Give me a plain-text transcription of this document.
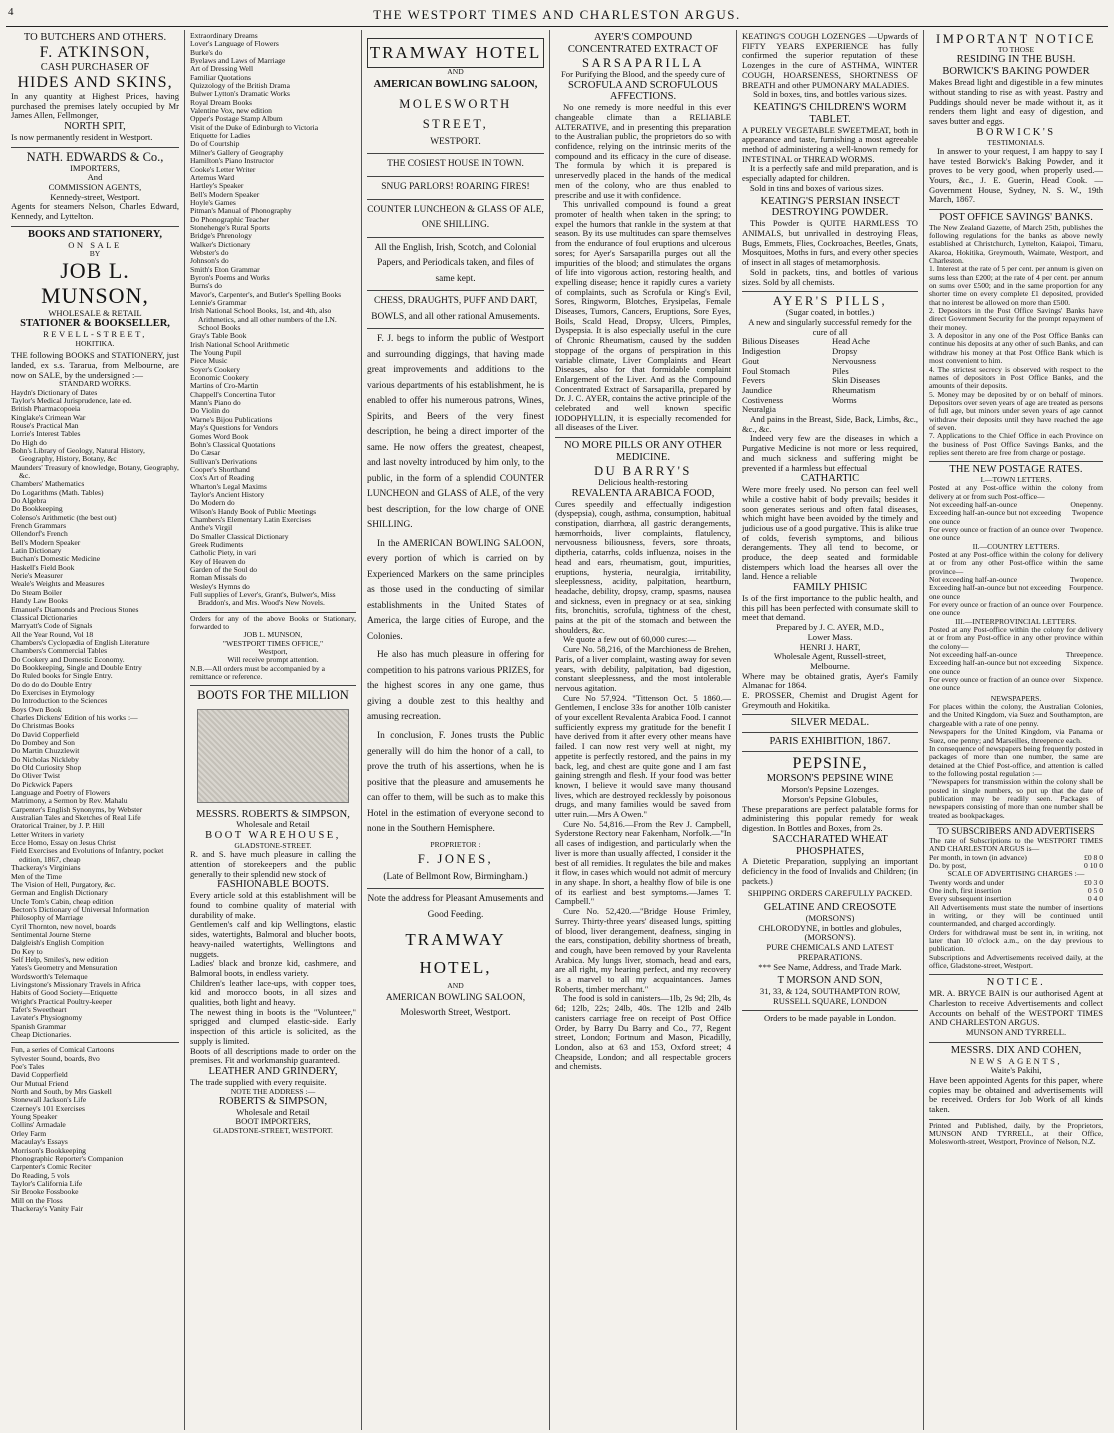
4	THE WESTPORT TIMES AND CHARLESTON ARGUS.
TO BUTCHERS AND OTHERS.
F. ATKINSON,
CASH PURCHASER OF
HIDES AND SKINS,

In any quantity at Highest Prices, having purchased the premises lately occupied by Mr James Allen, Fellmonger,

NORTH SPIT,

Is now permanently resident in Westport.

NATH. EDWARDS & Co.,
IMPORTERS,
And
COMMISSION AGENTS,
Kennedy-street, Westport.

Agents for steamers Nelson, Charles Edward, Kennedy, and Lyttelton.

BOOKS AND STATIONERY,
ON SALE
BY
JOB L. MUNSON,
WHOLESALE & RETAIL
STATIONER & BOOKSELLER,
REVELL-STREET,
HOKITIKA.

THE following BOOKS and STATIONERY, just landed, ex s.s. Tararua, from Melbourne, are now on SALE, by the undersigned :—

STANDARD WORKS.
Haydn's Dictionary of Dates
Taylor's Medical Jurisprudence, late ed.
British Pharmacopoeia
Kinglake's Crimean War
Rouse's Practical Man
Lorrie's Interest Tables
Do High do
Bohn's Library of Geology, Natural History, Geography, History, Botany, &c
Maunders' Treasury of knowledge, Botany, Geography, &c.
Chambers' Mathematics
Do Logarithms (Math. Tables)
Do Algebra
Do Bookkeeping
Colenso's Arithmetic (the best out)
French Grammars
Ollendorf's French
Bell's Modern Speaker
Latin Dictionary
Buchan's Domestic Medicine
Haskell's Field Book
Nerie's Measurer
Weale's Weights and Measures
Do Steam Boiler
Handy Law Books
Emanuel's Diamonds and Precious Stones
Classical Dictionaries
Marryatt's Code of Signals
All the Year Round, Vol 18
Chambers's Cyclopædia of English Literature
Chambers's Commercial Tables
Do Cookery and Domestic Economy.
Do Bookkeeping, Single and Double Entry
Do Ruled books for Single Entry.
Do do do do Double Entry
Do Exercises in Etymology
Do Introduction to the Sciences
Boys Own Book
Charles Dickens' Edition of his works :—
Do Christmas Books
Do David Copperfield
Do Dombey and Son
Do Martin Chuzzlewit
Do Nicholas Nickleby
Do Old Curiosity Shop
Do Oliver Twist
Do Pickwick Papers
Language and Poetry of Flowers
Matrimony, a Sermon by Rev. Mahalu
Carpenter's English Synonyms, by Webster
Australian Tales and Sketches of Real Life
Oratorical Trainer, by J. P. Hill
Letter Writers in variety
Ecce Homo, Essay on Jesus Christ
Field Exercises and Evolutions of Infantry, pocket edition, 1867, cheap
Thackeray's Virginians
Men of the Time
The Vision of Hell, Purgatory, &c.
German and English Dictionary
Uncle Tom's Cabin, cheap edition
Becton's Dictionary of Universal Information
Philosophy of Marriage
Cyril Thornton, new novel, boards
Sentimental Journe Sterne
Dalgleish's English Compition
Do Key to
Self Help, Smiles's, new edition
Yates's Geometry and Mensuration
Wordsworth's Telemaque
Livingstone's Missionary Travels in Africa
Habits of Good Society—Etiquette
Wright's Practical Poultry-keeper
Tafet's Sweetheart
Lavater's Physiognomy
Spanish Grammar
Cheap Dictionaries.
Fun, a series of Comical Cartoons
Sylvester Sound, boards, 8vo
Poe's Tales
David Copperfield
Our Mutual Friend
North and South, by Mrs Gaskell
Stonewall Jackson's Life
Czerney's 101 Exercises
Young Speaker
Collins' Armadale
Orley Farm
Macaulay's Essays
Morrison's Bookkeeping
Phonographic Reporter's Companion
Carpenter's Comic Reciter
Do Reading, 5 vols
Taylor's California Life
Sir Brooke Fossbooke
Mill on the Floss
Thackeray's Vanity Fair
Extraordinary Dreams
Lover's Language of Flowers
Burke's do
Byelaws and Laws of Marriage
Art of Dressing Well
Familiar Quotations
Quizzology of the British Drama
Bulwer Lytton's Dramatic Works
Royal Dream Books
Valentine Vox, new edition
Opper's Postage Stamp Album
Visit of the Duke of Edinburgh to Victoria
Etiquette for Ladies
Do of Courtship
Milner's Gallery of Geography
Hamilton's Piano Instructor
Cooke's Letter Writer
Artemus Ward
Hartley's Speaker
Bell's Modern Speaker
Hoyle's Games
Pitman's Manual of Phonography
Do Phonographic Teacher
Stonehenge's Rural Sports
Bridge's Phrenology
Walker's Dictionary
Webster's do
Johnson's do
Smith's Eton Grammar
Byron's Poems and Works
Burns's do
Mavor's, Carpenter's, and Butler's Spelling Books
Lennie's Grammar
Irish National School Books, 1st, and 4th, also Arithmetics, and all other numbers of the I.N. School Books
Gray's Table Book
Irish National School Arithmetic
The Young Pupil
Piece Music
Soyer's Cookery
Economic Cookery
Martins of Cro-Martin
Chappell's Concertina Tutor
Mann's Piano do
Do Violin do
Warne's Bijou Publications
May's Questions for Vendors
Gomes Word Book
Bohn's Classical Quotations
Do Cæsar
Sullivan's Derivations
Cooper's Shorthand
Cox's Art of Reading
Wharton's Legal Maxims
Taylor's Ancient History
Do Modern do
Wilson's Handy Book of Public Meetings
Chambers's Elementary Latin Exercises
Anthe's Virgil
Do Smaller Classical Dictionary
Greek Rudiments
Catholic Piety, in vari
Key of Heaven do
Garden of the Soul do
Roman Missals do
Wesley's Hymns do
Full supplies of Lever's, Grant's, Bulwer's, Miss Braddon's, and Mrs. Wood's New Novels.

Orders for any of the above Books or Stationary, forwarded to

JOB L. MUNSON,
"WESTPORT TIMES OFFICE,"
Westport,
Will receive prompt attention.

N.B.—All orders must be accompanied by a remittance or reference.

BOOTS FOR THE MILLION
MESSRS. ROBERTS & SIMPSON,
Wholesale and Retail
BOOT WAREHOUSE,
GLADSTONE-STREET.

R. and S. have much pleasure in calling the attention of storekeepers and the public generally to their splendid new stock of

FASHIONABLE BOOTS.

Every article sold at this establishment will be found to combine quality of material with durability of make.

Gentlemen's calf and kip Wellingtons, elastic sides, watertights, Balmoral and blucher boots, heavy-nailed watertights, Wellingtons and nuggets.

Ladies' black and bronze kid, cashmere, and Balmoral boots, in endless variety.

Children's leather lace-ups, with copper toes, kid and morocco boots, in all sizes and qualities, both light and heavy.

The newest thing in boots is the "Volunteer," sprigged and clumped elastic-side. Early inspection of this article is solicited, as the supply is limited.

Boots of all descriptions made to order on the premises. Fit and workmanship guaranteed.

LEATHER AND GRINDERY,

The trade supplied with every requisite.

NOTE THE ADDRESS :—
ROBERTS & SIMPSON,
Wholesale and Retail
BOOT IMPORTERS,
GLADSTONE-STREET, WESTPORT.
TRAMWAY HOTEL
AND
AMERICAN BOWLING SALOON,
MOLESWORTH STREET,
WESTPORT.
THE COSIEST HOUSE IN TOWN.
SNUG PARLORS! ROARING FIRES!
COUNTER LUNCHEON & GLASS OF ALE, ONE SHILLING.

All the English, Irish, Scotch, and Colonial Papers, and Periodicals taken, and files of same kept.

CHESS, DRAUGHTS, PUFF AND DART, BOWLS, and all other rational Amusements.

F. J. begs to inform the public of Westport and surrounding diggings, that having made great improvements and additions to the various departments of his establishment, he is enabled to offer his numerous patrons, Wines, Spirits, and Beers of the very finest description, he being a direct importer of the same. He now offers the greatest, cheapest, and last novelty introduced by him only, to the public, in the form of a splendid COUNTER LUNCHEON and GLASS of ALE, of the very best description, for the low charge of ONE SHILLING.

In the AMERICAN BOWLING SALOON, every portion of which is carried on by Experienced Markers on the same principles as those used in the conducting of similar establishments in the United States of America, the large cities of Europe, and the Colonies.

He also has much pleasure in offering for competition to his patrons various PRIZES, for the highest scores in any one game, thus giving a double zest to this healthy and amusing recreation.

In conclusion, F. Jones trusts the Public generally will do him the honor of a call, to prove the truth of his assertions, when he is positive that the pleasure and amusements he can offer to them, will be such as to make this Hotel in the estimation of everyone second to none in the Southern Hemisphere.

PROPRIETOR :
F. JONES,
(Late of Bellmont Row, Birmingham.)

Note the address for Pleasant Amusements and Good Feeding.

TRAMWAY HOTEL,
AND
AMERICAN BOWLING SALOON,
Molesworth Street, Westport.
AYER'S COMPOUND CONCENTRATED EXTRACT OF
SARSAPARILLA
For Purifying the Blood, and the speedy cure of
SCROFULA AND SCROFULOUS AFFECTIONS.

No one remedy is more needful in this ever changeable climate than a RELIABLE ALTERATIVE, and in presenting this preparation to the Australian public, the proprietors do so with confidence, relying on the intrinsic merits of the compound and its efficacy in the cure of disease. The formula by which it is prepared is unreservedly placed in the hands of the medical men of the colony, who are thus enabled to prescribe and use it with confidence.

This unrivalled compound is found a great promoter of health when taken in the spring; to expel the humors that rankle in the system at that season. By its use multitudes can spare themselves from the endurance of foul eruptions and ulcerous sores; for Ayer's Sarsaparilla purges out all the impurities of the blood; and stimulates the organs of life into vigorous action, restoring health, and expelling disease; hence it rapidly cures a variety of complaints, such as Scrofula or King's Evil, Sores, Ringworm, Blotches, Erysipelas, Female Diseases, Tumors, Cancers, Eruptions, Sore Eyes, Boils, Scald Head, Dropsy, Ulcers, Pimples, Dyspepsia. It is also especially useful in the cure of Chronic Rheumatism, caused by the sudden stoppage of the organs of perspiration in this variable climate, Liver Complaints and Heart Diseases, also for that formidable complaint Enlargement of the Liver. And as the Compound Concentrated Extract of Sarsaparilla, prepared by Dr. J. C. AYER, contains the active principle of the celebrated and well known specific IODOPHYLLIN, it is especially recomended for all diseases of the Liver.

NO MORE PILLS OR ANY OTHER MEDICINE.
DU BARRY'S
Delicious health-restoring
REVALENTA ARABICA FOOD,

Cures speedily and effectually indigestion (dyspepsia), cough, asthma, consumption, habitual constipation, diarrhœa, all gastric derangements, hæmorrhoids, liver complaints, flatulency, nervousness biliousness, fevers, sore throats, diptheria, catarrhs, colds influenza, noises in the head and ears, rheumatism, gout, impurities, eruptions, hysteria, neuralgia, irritability, sleeplessness, acidity, palpitation, heartburn, headache, debility, dropsy, cramp, spasms, nausea and sickness, even in pregnacy or at sea, sinking fits, bronchitis, scrofula, tightness of the chest, pains at the pit of the stomach and between the shoulders, &c.

We quote a few out of 60,000 cures:—

Cure No. 58,216, of the Marchioness de Brehen, Paris, of a liver complaint, wasting away for seven years, with debility, palpitation, bad digestion, constant sleeplessness, and the most intolerable nervous agitation.

Cure No 57,924. "Tittenson Oct. 5 1860.—Gentlemen, I enclose 33s for another 10lb canister of your excellent Revalenta Arabica Food. I cannot sufficiently express my gratitude for the benefit I have derived from it after every other means have failed. I can now rest very well at night, my appetite is perfectly restored, and the pains in my back, leg, and chest are quite gone and I am fast gaining strength and flesh. If your food was better known, I believe it would save many thousand lives, which are destroyed recklessly by poisonous drugs, and many families would be saved from utter ruin.—Mrs A Owen."

Cure No. 54,816.—From the Rev J. Campbell, Syderstone Rectory near Fakenham, Norfolk.—"In all cases of indigestion, and particularly when the liver is more than usually affected, I consider it the best of all remidies. It regulates the bile and makes it flow, in cases which would not admit of mercury in any shape. In short, a healthy flow of bile is one of its earliest and best symptoms.—James T. Campbell."

Cure No. 52,420.—"Bridge House Frimley, Surrey. Thirty-three years' diseased lungs, spitting of blood, liver derangement, deafness, singing in the ears, constipation, debility shortness of breath, and cough, have been removed by your Ravelenta Arabica. My lungs liver, stomach, head and ears, are all right, my hearing perfect, and my recovery is a marvel to all my acquaintances. James Roberts, timber merchant."

The food is sold in canisters—1lb, 2s 9d; 2lb, 4s 6d; 12lb, 22s; 24lb, 40s. The 12lb and 24lb canisters carriage free on receipt of Post Office Order, by Barry Du Barry and Co., 77, Regent street, London; Fortnum and Mason, Picadilly, London, also at 63 and 153, Oxford street; 4 Cheapside, London; and all respectable grocers and chemists.

KEATING'S COUGH LOZENGES —Upwards of FIFTY YEARS EXPERIENCE has fully confirmed the superior reputation of these Lozenges in the cure of ASTHMA, WINTER COUGH, HOARSENESS, SHORTNESS OF BREATH and other PUMONARY MALADIES.

Sold in boxes, tins, and bottles various sizes.

KEATING'S CHILDREN'S WORM TABLET.

A PURELY VEGETABLE SWEETMEAT, both in appearance and taste, furnishing a most agreeable method of administering a well-known remedy for INTESTINAL or THREAD WORMS.

It is a perfectly safe and mild preparation, and is especially adapted for children.

Sold in tins and boxes of various sizes.

KEATING'S PERSIAN INSECT DESTROYING POWDER.

This Powder is QUITE HARMLESS TO ANIMALS, but unrivalled in destroying Fleas, Bugs, Emmets, Flies, Cockroaches, Beetles, Gnats, Mosquitoes, Moths in furs, and every other species of insect in all stages of metamorphosis.

Sold in packets, tins, and bottles of various sizes. Sold by all chemists.

AYER'S PILLS,
(Sugar coated, in bottles.)

A new and singularly successful remedy for the cure of all

Bilious Diseases	Head Ache
Indigestion	Dropsy
Gout	Nervousness
Foul Stomach	Piles
Fevers	Skin Diseases
Jaundice	Rheumatism
Costiveness	Worms
Neuralgia

And pains in the Breast, Side, Back, Limbs, &c., &c., &c.

Indeed very few are the diseases in which a Purgative Medicine is not more or less required, and much sickness and suffering might be prevented if a harmless but effectual

CATHARTIC

Were more freely used. No person can feel well while a costive habit of body prevails; besides it soon generates serious and often fatal diseases, which might have been avoided by the timely and judicious use of a good purgative. This is alike true of colds, feverish symptoms, and bilious derangements. They all tend to become, or produce, the deep seated and formidable distempers which load the hearses all over the land. Hence a reliable

FAMILY PHISIC

Is of the first importance to the public health, and this pill has been perfected with consumate skill to meet that demand.

Prepared by J. C. AYER, M.D.,
Lower Mass.
HENRI J. HART,
Wholesale Agent, Russell-street,
Melbourne.

Where may be obtained gratis, Ayer's Family Almanac for 1864.

E. PROSSER, Chemist and Drugist Agent for Greymouth and Hokitika.

SILVER MEDAL.
PARIS EXHIBITION, 1867.
PEPSINE,
MORSON'S PEPSINE WINE
Morson's Pepsine Lozenges.
Morson's Pepsine Globules,

These preparations are perfect palatable forms for administering this popular remedy for weak digestion. In Bottles and Boxes, from 2s.

SACCHARATED WHEAT PHOSPHATES,

A Dietetic Preparation, supplying an important deficiency in the food of Invalids and Children; (in packets.)

SHIPPING ORDERS CAREFULLY PACKED.
GELATINE AND CREOSOTE
(MORSON'S)
CHLORODYNE, in bottles and globules, (MORSON'S).
PURE CHEMICALS AND LATEST PREPARATIONS.
*** See Name, Address, and Trade Mark.
T MORSON AND SON,
31, 33, & 124, SOUTHAMPTON ROW,
RUSSELL SQUARE, LONDON
Orders to be made payable in London.
IMPORTANT NOTICE
TO THOSE
RESIDING IN THE BUSH.
BORWICK'S BAKING POWDER

Makes Bread light and digestible in a few minutes without standing to rise as with yeast. Pastry and Puddings should never be made without it, as it renders them light and easy of digestion, and saves butter and eggs.

BORWICK'S
TESTIMONIALS.

In answer to your request, I am happy to say I have tested Borwick's Baking Powder, and it proves to be very good, when properly used.—Yours, &c., J. E. Guerin, Head Cook. —Government House, Sydney, N. S. W., 19th March, 1867.

POST OFFICE SAVINGS' BANKS.

The New Zealand Gazette, of March 25th, publishes the following regulations for the banks as above newly established at Christchurch, Lyttelton, Kaiapoi, Timaru, Akaroa, Hokitika, Greymouth, Waimate, Westport, and Charleston.

1. Interest at the rate of 5 per cent. per annum is given on sums less than £200; at the rate of 4 per cent. per annum on sums over £500; and in the same proportion for any shorter time on every complete £1 deposited, provided that no interest be allowed on more than £500.

2. Depositors in the Post Office Savings' Banks have direct Government Security for the prompt repayment of their money.

3. A depositor in any one of the Post Office Banks can continue his deposits at any other of such Banks, and can withdraw his money at that Post Office Bank which is most convenient to him.

4. The strictest secrecy is observed with respect to the names of depositors in Post Office Banks, and the amounts of their deposits.

5. Money may be deposited by or on behalf of minors. Depositors over seven years of age are treated as persons of full age, but minors under seven years of age cannot withdraw their deposits until they have reached the age of seven.

7. Applications to the Chief Office in each Province on the business of Post Office Savings Banks, and the replies sent thereto are free from charge or postage.

THE NEW POSTAGE RATES.
I.—TOWN LETTERS.

Posted at any Post-office within the colony from delivery at or from such Post-office—

Not exceeding half-an-ounce	Onepenny.
Exceeding half-an-ounce but not exceeding one ounce
Twopence
For every ounce or fraction of an ounce over one ounce
Twopence.
II.—COUNTRY LETTERS.

Posted at any Post-office within the colony for delivery at or from any other Post-office within the same province—

Not exceeding half-an-ounce	Twopence.
Exceeding half-an-ounce but not exceeding one ounce
Fourpence.
For every ounce or fraction of an ounce over one ounce
Fourpence.
III.—INTERPROVINCIAL LETTERS.

Posted at any Post-office within the colony for delivery at or from any Post-office in any other province within the colony—

Not exceeding half-an-ounce	Threepence.
Exceeding half-an-ounce but not exceeding one ounce
Sixpence.
For every ounce or fraction of an ounce over one ounce
Sixpence.
NEWSPAPERS.

For places within the colony, the Australian Colonies, and the United Kingdom, via Suez and Southampton, are chargeable with a rate of one penny.

Newspapers for the United Kingdom, via Panama or Suez, one penny; and Marseilles, threepence each.

In consequence of newspapers being frequently posted in packages of more than one number, the same are detained at the Chief Post-office, and attention is called to the following postal regulation :—

"Newspapers for transmission within the colony shall be posted in single numbers, so put up that the date of publication may be readily seen. Packages of newspapers consisting of more than one number shall be treated as bookpackages.

TO SUBSCRIBERS AND ADVERTISERS

The rate of Subscriptions to the WESTPORT TIMES AND CHARLESTON ARGUS is—

Per month, in town (in advance)	£0 8 0
Do. by post,	0 10 0
SCALE OF ADVERTISING CHARGES :—
Twenty words and under	£0 3 0
One inch, first insertion	0 5 0
Every subsequent insertion	0 4 0

All Advertisements must state the number of insertions in writing, or they will be continued until countermanded, and charged accordingly.

Orders for withdrawal must be sent in, in writing, not later than 10 o'clock a.m., on the day previous to publication.

Subscriptions and Advertisements received daily, at the office, Gladstone-street, Westport.

NOTICE.

MR. A. BRYCE BAIN is our authorised Agent at Charleston to receive Advertisements and collect Accounts on behalf of the WESTPORT TIMES AND CHARLESTON ARGUS.

MUNSON AND TYRRELL.
MESSRS. DIX AND COHEN,
NEWS AGENTS,
Waite's Pakihi,

Have been appointed Agents for this paper, where copies may be obtained and advertisements will be received. Orders for Job Work of all kinds taken.

Printed and Published, daily, by the Proprietors, MUNSON AND TYRRELL, at their Office, Molesworth-street, Westport, Province of Nelson, N.Z.
